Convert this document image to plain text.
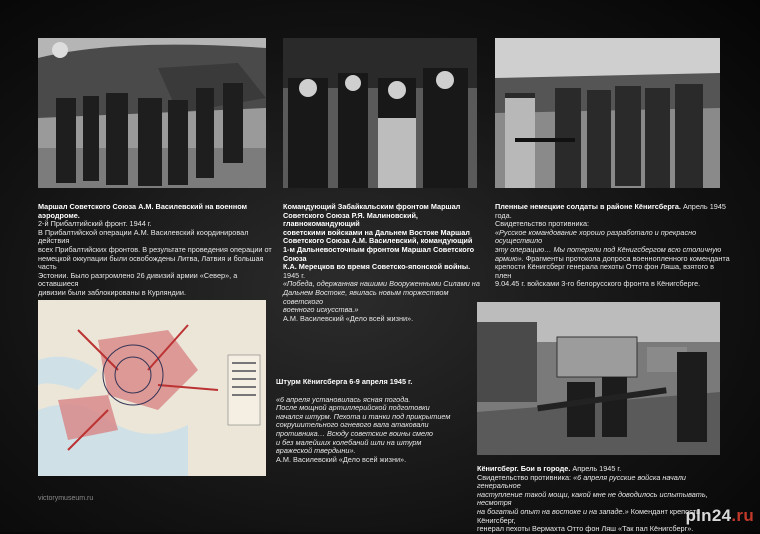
Маршал Советского Союза А.М. Василевский на военном аэродроме.

2-й Прибалтийский фронт. 1944 г.

В Прибалтийской операции А.М. Василевский координировал действия

всех Прибалтийских фронтов. В результате проведения операции от

немецкой оккупации были освобождены Литва, Латвия и большая часть

Эстонии. Было разгромлено 26 дивизий армии «Север», а оставшиеся

дивизии были заблокированы в Курляндии.

Командующий Забайкальским фронтом Маршал

Советского Союза Р.Я. Малиновский, главнокомандующий

советскими войсками на Дальнем Востоке Маршал

Советского Союза А.М. Василевский, командующий

1-м Дальневосточным фронтом Маршал Советского Союза

К.А. Мерецков во время Советско-японской войны. 1945 г.

«Победа, одержанная нашими Вооруженными Силами на

Дальнем Востоке, явилась новым торжеством советского

военного искусства.»

А.М. Василевский «Дело всей жизни».

Пленные немецкие солдаты в районе Кёнигсберга. Апрель 1945 года.

Свидетельство противника:

«Русское командование хорошо разработало и прекрасно осуществило

эту операцию… Мы потеряли под Кёнигсбергом всю столичную

армию». Фрагменты протокола допроса военнопленного коменданта

крепости Кёнигсберг генерала пехоты Отто фон Ляша, взятого в плен

9.04.45 г. войсками 3-го белорусского фронта в Кёнигсберге.

Штурм Кёнигсберга 6-9 апреля 1945 г.

«6 апреля установилась ясная погода.

После мощной артиллерийской подготовки

начался штурм. Пехота и танки под прикрытием

сокрушительного огневого вала атаковали

противника… Всюду советские воины смело

и без малейших колебаний шли на штурм

вражеской твердыни».

А.М. Василевский «Дело всей жизни».

Кёнигсберг. Бои в городе. Апрель 1945 г.

Свидетельство противника: «6 апреля русские войска начали генеральное

наступление такой мощи, какой мне не доводилось испытывать, несмотря

на богатый опыт на востоке и на западе.» Комендант крепости Кёнигсберг,

генерал пехоты Вермахта Отто фон Ляш «Так пал Кёнигсберг».

victorymuseum.ru
pln24.ru
